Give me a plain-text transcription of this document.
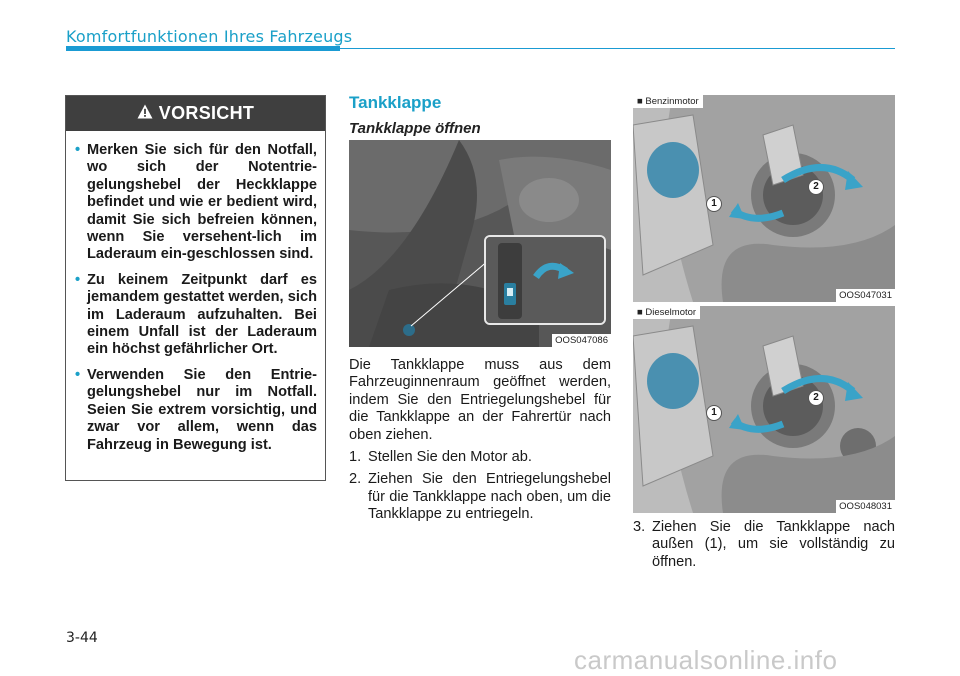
Komfortfunktionen Ihres Fahrzeugs
VORSICHT
• Merken Sie sich für den Notfall, wo sich der Notentrie-gelungshebel der Heckklappe befindet und wie er bedient wird, damit Sie sich befreien können, wenn Sie versehent-lich im Laderaum ein-geschlossen sind.
• Zu keinem Zeitpunkt darf es jemandem gestattet werden, sich im Laderaum aufzuhalten. Bei einem Unfall ist der Laderaum ein höchst gefährlicher Ort.
• Verwenden Sie den Entrie-gelungshebel nur im Notfall. Seien Sie extrem vorsichtig, und zwar vor allem, wenn das Fahrzeug in Bewegung ist.
Tankklappe
Tankklappe öffnen
OOS047086

Die Tankklappe muss aus dem Fahrzeuginnenraum geöffnet werden, indem Sie den Entriegelungshebel für die Tankklappe an der Fahrertür nach oben ziehen.

1. Stellen Sie den Motor ab.
2. Ziehen Sie den Entriegelungshebel für die Tankklappe nach oben, um die Tankklappe zu entriegeln.
1
2
■ Benzinmotor
OOS047031
1
2
■ Dieselmotor
OOS048031
3. Ziehen Sie die Tankklappe nach außen (1), um sie vollständig zu öffnen.
3-44
carmanualsonline.info
